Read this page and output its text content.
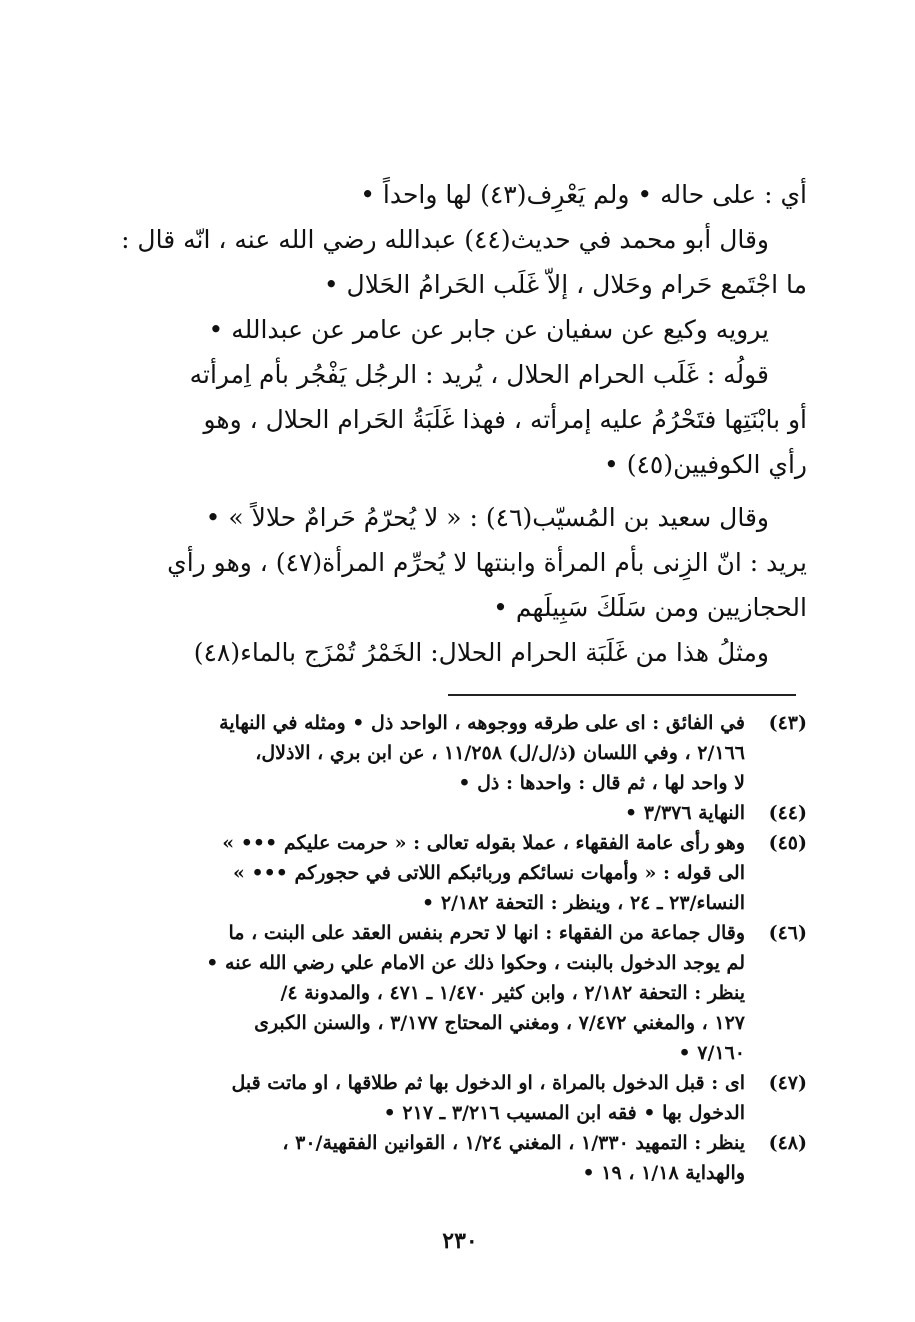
أي : على حاله • ولم يَعْرِف(٤٣) لها واحداً •
وقال أبو محمد في حديث(٤٤) عبدالله رضي الله عنه ، انّه قال :
ما اجْتَمع حَرام وحَلال ، إلاّ غَلَب الحَرامُ الحَلال •
يرويه وكيع عن سفيان عن جابر عن عامر عن عبدالله •
قولُه : غَلَب الحرام الحلال ، يُريد : الرجُل يَفْجُر بأم اِمرأته
أو بابْنَتِها فتَحْرُمُ عليه إمرأته ، فهذا غَلَبَةُ الحَرام الحلال ، وهو
رأي الكوفيين(٤٥) •
وقال سعيد بن المُسيّب(٤٦) : « لا يُحرّمُ حَرامٌ حلالاً » •
يريد : انّ الزِنى بأم المرأة وابنتها لا يُحرِّم المرأة(٤٧) ، وهو رأي
الحجازيين ومن سَلَكَ سَبِيلَهم •
ومثلُ هذا من غَلَبَة الحرام الحلال: الخَمْرُ تُمْزَج بالماء(٤٨)
(٤٣)
في الفائق : اى على طرقه ووجوهه ، الواحد ذل • ومثله في النهاية
٢/١٦٦ ، وفي اللسان (ذ/ل/ل) ١١/٢٥٨ ، عن ابن بري ، الاذلال،
لا واحد لها ، ثم قال : واحدها : ذل •
(٤٤)
النهاية ٣/٣٧٦ •
(٤٥)
وهو رأى عامة الفقهاء ، عملا بقوله تعالى : « حرمت عليكم ••• »
الى قوله : « وأمهات نسائكم وربائبكم اللاتى في حجوركم ••• »
النساء/٢٣ ـ ٢٤ ، وينظر : التحفة ٢/١٨٢ •
(٤٦)
وقال جماعة من الفقهاء : انها لا تحرم بنفس العقد على البنت ، ما
لم يوجد الدخول بالبنت ، وحكوا ذلك عن الامام علي رضي الله عنه •
ينظر : التحفة ٢/١٨٢ ، وابن كثير ١/٤٧٠ ـ ٤٧١ ، والمدونة ٤/
١٢٧ ، والمغني ٧/٤٧٢ ، ومغني المحتاج ٣/١٧٧ ، والسنن الكبرى
٧/١٦٠ •
(٤٧)
اى : قبل الدخول بالمراة ، او الدخول بها ثم طلاقها ، او ماتت قبل
الدخول بها • فقه ابن المسيب ٣/٢١٦ ـ ٢١٧ •
(٤٨)
ينظر : التمهيد ١/٣٣٠ ، المغني ١/٢٤ ، القوانين الفقهية/٣٠ ،
والهداية ١/١٨ ، ١٩ •
٢٣٠
